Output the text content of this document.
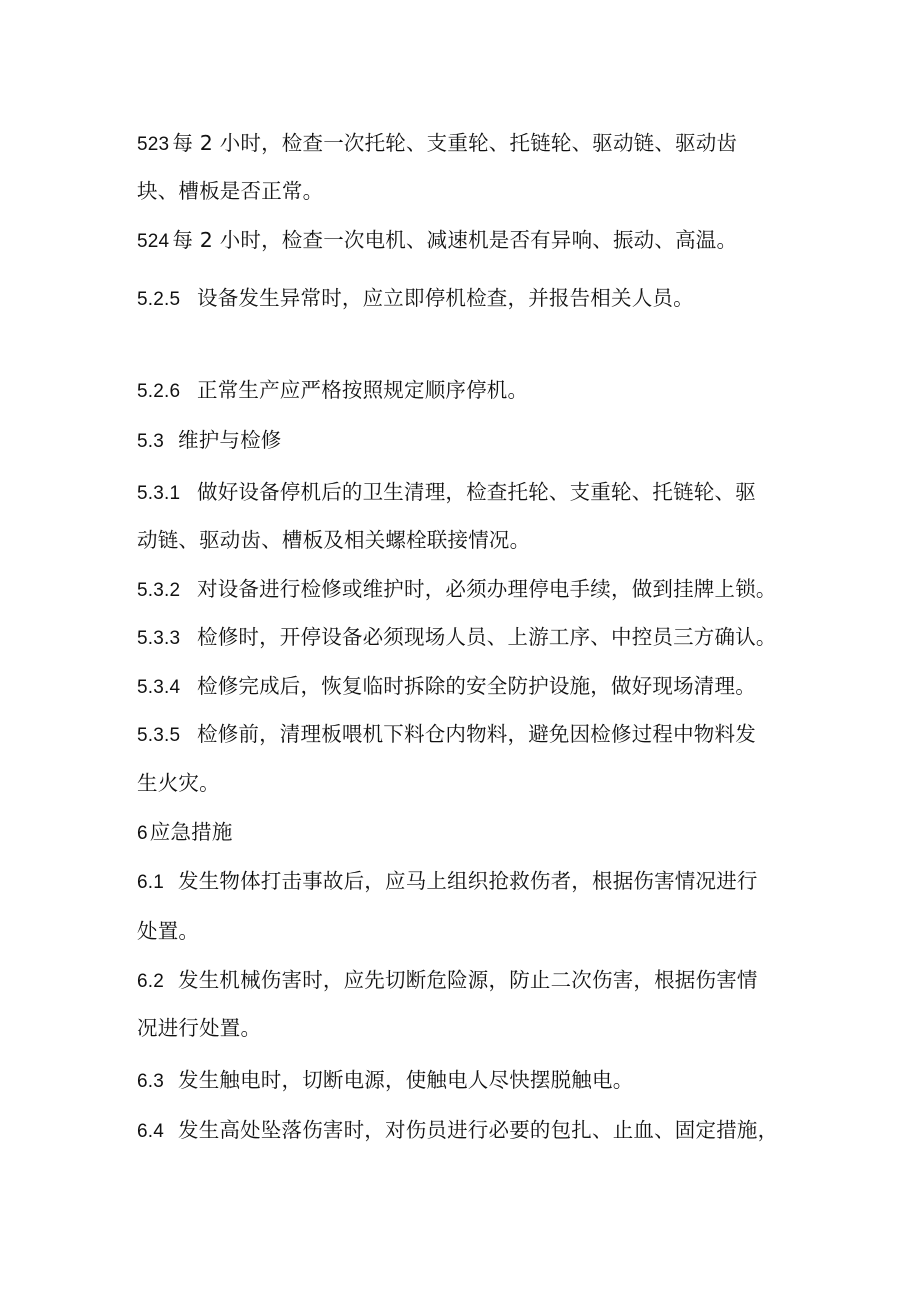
523 每 2 小时，检查一次托轮、支重轮、托链轮、驱动链、驱动齿

块、槽板是否正常。

524 每 2 小时，检查一次电机、减速机是否有异响、振动、高温。

5.2.5 设备发生异常时，应立即停机检查，并报告相关人员。

5.2.6 正常生产应严格按照规定顺序停机。

5.3 维护与检修

5.3.1 做好设备停机后的卫生清理，检查托轮、支重轮、托链轮、驱

动链、驱动齿、槽板及相关螺栓联接情况。

5.3.2 对设备进行检修或维护时，必须办理停电手续，做到挂牌上锁。

5.3.3 检修时，开停设备必须现场人员、上游工序、中控员三方确认。

5.3.4 检修完成后，恢复临时拆除的安全防护设施，做好现场清理。

5.3.5 检修前，清理板喂机下料仓内物料，避免因检修过程中物料发

生火灾。

6应急措施

6.1 发生物体打击事故后，应马上组织抢救伤者，根据伤害情况进行

处置。

6.2 发生机械伤害时，应先切断危险源，防止二次伤害，根据伤害情

况进行处置。

6.3 发生触电时，切断电源，使触电人尽快摆脱触电。

6.4 发生高处坠落伤害时，对伤员进行必要的包扎、止血、固定措施，
